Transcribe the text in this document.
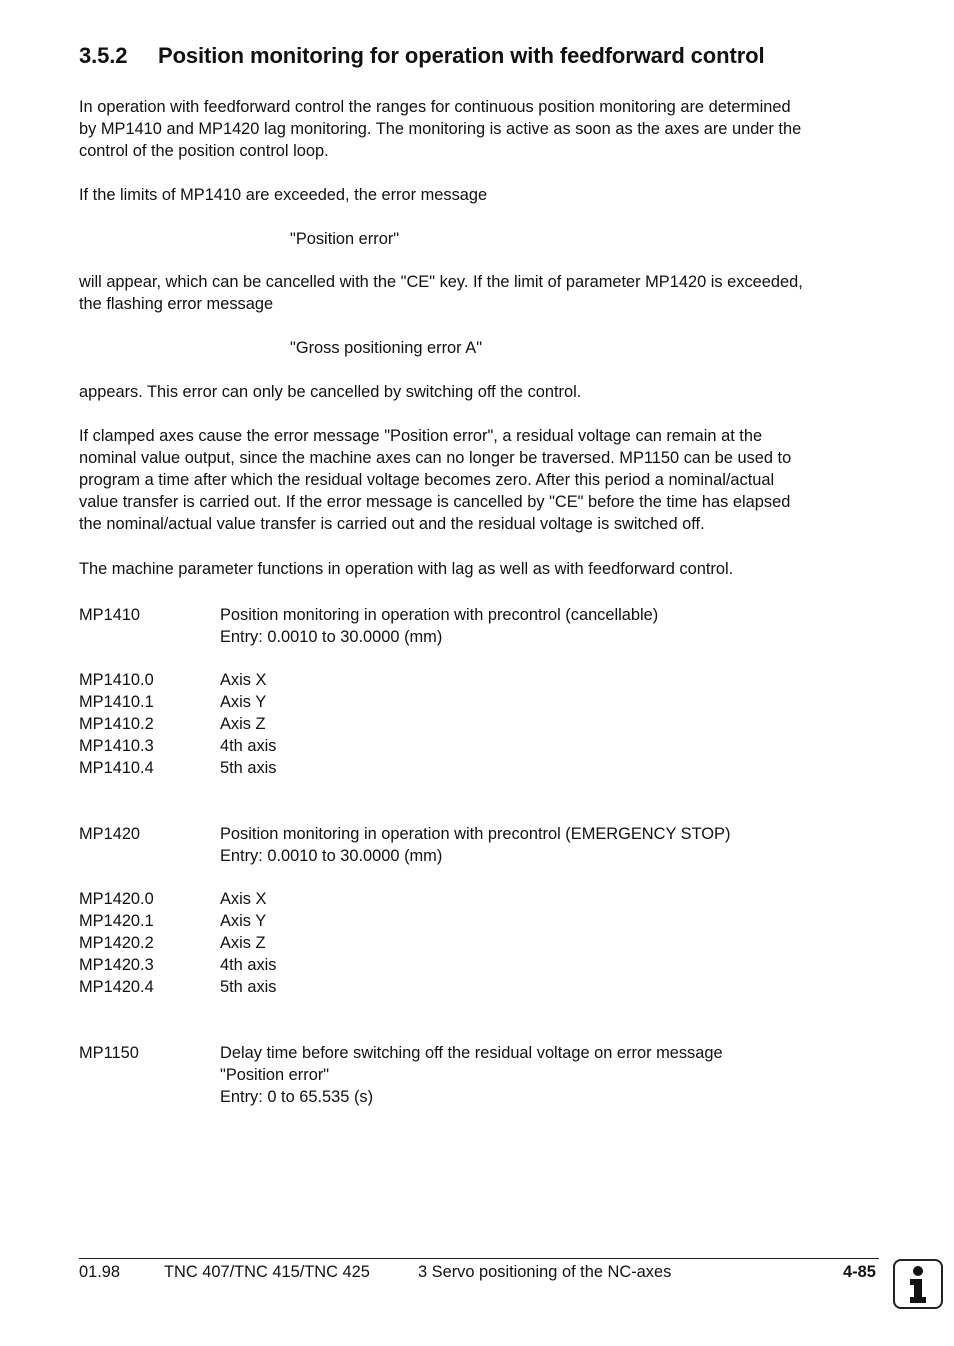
3.5.2 Position monitoring for operation with feedforward control
In operation with feedforward control the ranges for continuous position monitoring are determined
by MP1410 and MP1420 lag monitoring. The monitoring is active as soon as the axes are under the
control of the position control loop.
If the limits of MP1410 are exceeded, the error message
"Position error"
will appear, which can be cancelled with the "CE" key. If the limit of parameter MP1420 is exceeded,
the flashing error message
"Gross positioning error A"
appears. This error can only be cancelled by switching off the control.
If clamped axes cause the error message "Position error", a residual voltage can remain at the
nominal value output, since the machine axes can no longer be traversed. MP1150 can be used to
program a time after which the residual voltage becomes zero. After this period a nominal/actual
value transfer is carried out. If the error message is cancelled by "CE" before the time has elapsed
the nominal/actual value transfer is carried out and the residual voltage is switched off.
The machine parameter functions in operation with lag as well as with feedforward control.
MP1410	Position monitoring in operation with precontrol (cancellable)
Entry: 0.0010 to 30.0000 (mm)
MP1410.0	Axis X
MP1410.1	Axis Y
MP1410.2	Axis Z
MP1410.3	4th axis
MP1410.4	5th axis
MP1420	Position monitoring in operation with precontrol (EMERGENCY STOP)
Entry: 0.0010 to 30.0000 (mm)
MP1420.0	Axis X
MP1420.1	Axis Y
MP1420.2	Axis Z
MP1420.3	4th axis
MP1420.4	5th axis
MP1150	Delay time before switching off the residual voltage on error message
"Position error"
Entry: 0 to 65.535 (s)
01.98	TNC 407/TNC 415/TNC 425	3 Servo positioning of the NC-axes	4-85
